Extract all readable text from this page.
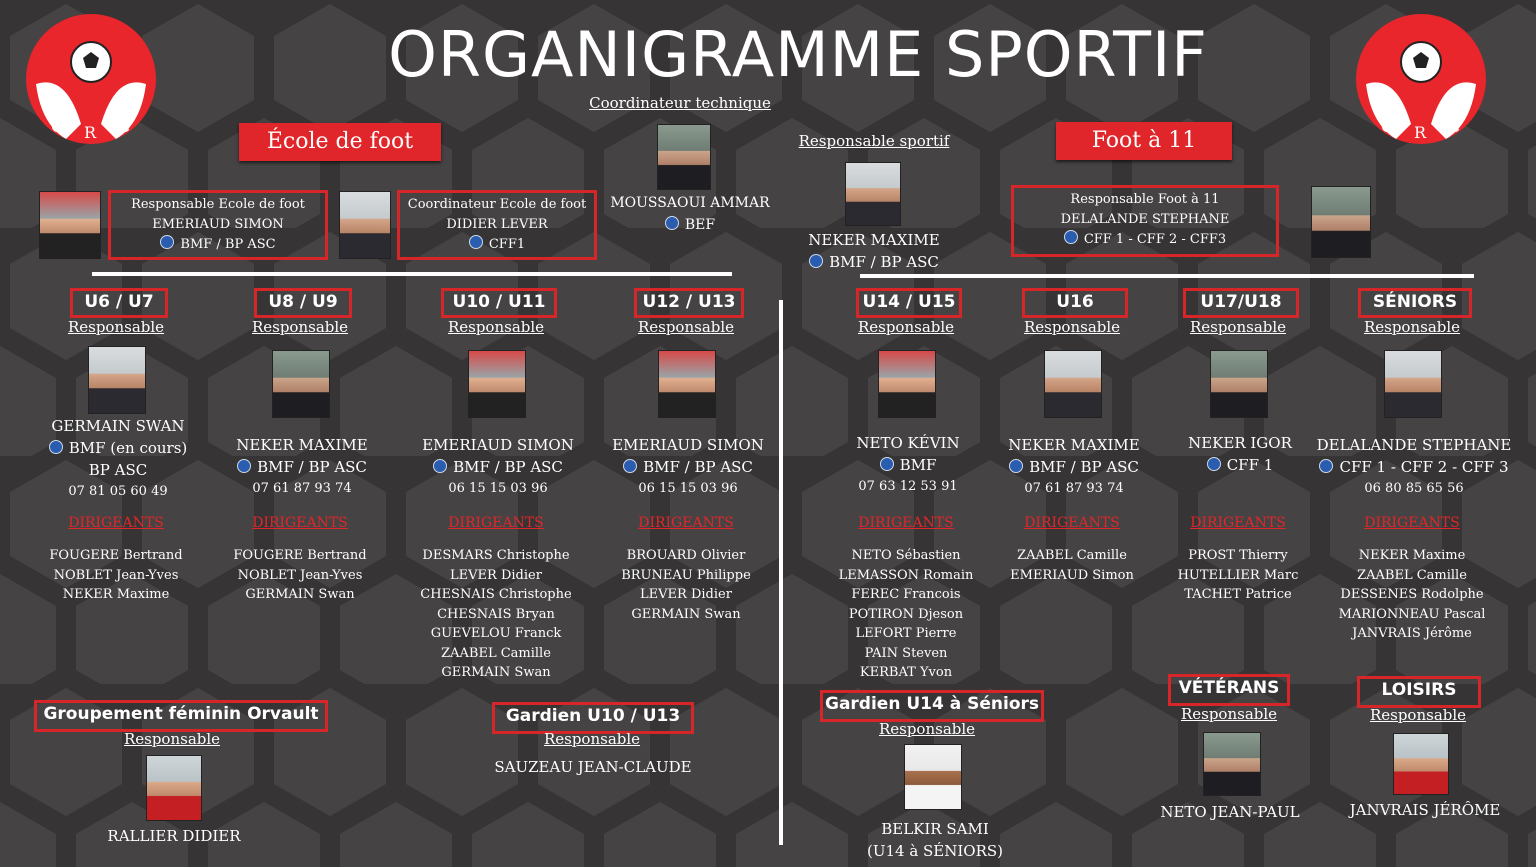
O R C	O R C
ORGANIGRAMME SPORTIF
Coordinateur technique
MOUSSAOUI AMMAR
BEF
Responsable sportif
NEKER MAXIME
BMF / BP ASC
École de foot
Responsable Ecole de foot
EMERIAUD SIMON
BMF / BP ASC
Coordinateur Ecole de foot
DIDIER LEVER
CFF1
Foot à 11
Responsable Foot à 11
DELALANDE STEPHANE
CFF 1 - CFF 2 - CFF3
U6 / U7
Responsable
GERMAIN SWAN
BMF (en cours)
BP ASC
07 81 05 60 49
DIRIGEANTS
FOUGERE Bertrand
NOBLET Jean-Yves
NEKER Maxime
U8 / U9
Responsable
NEKER MAXIME
BMF / BP ASC
07 61 87 93 74
DIRIGEANTS
FOUGERE Bertrand
NOBLET Jean-Yves
GERMAIN Swan
U10 / U11
Responsable
EMERIAUD SIMON
BMF / BP ASC
06 15 15 03 96
DIRIGEANTS
DESMARS Christophe
LEVER Didier
CHESNAIS Christophe
CHESNAIS Bryan
GUEVELOU Franck
ZAABEL Camille
GERMAIN Swan
U12 / U13
Responsable
EMERIAUD SIMON
BMF / BP ASC
06 15 15 03 96
DIRIGEANTS
BROUARD Olivier
BRUNEAU Philippe
LEVER Didier
GERMAIN Swan
U14 / U15
Responsable
NETO KÉVIN
BMF
07 63 12 53 91
DIRIGEANTS
NETO Sébastien
LEMASSON Romain
FEREC Francois
POTIRON Djeson
LEFORT Pierre
PAIN Steven
KERBAT Yvon
U16
Responsable
NEKER MAXIME
BMF / BP ASC
07 61 87 93 74
DIRIGEANTS
ZAABEL Camille
EMERIAUD Simon
U17/U18
Responsable
NEKER IGOR
CFF 1
DIRIGEANTS
PROST Thierry
HUTELLIER Marc
TACHET Patrice
SÉNIORS
Responsable
DELALANDE STEPHANE
CFF 1 - CFF 2 - CFF 3
06 80 85 65 56
DIRIGEANTS
NEKER Maxime
ZAABEL Camille
DESSENES Rodolphe
MARIONNEAU Pascal
JANVRAIS Jérôme
Groupement féminin Orvault
Responsable
RALLIER DIDIER
Gardien U10 / U13
Responsable
SAUZEAU JEAN-CLAUDE
Gardien U14 à Séniors
Responsable
BELKIR SAMI
(U14 à SÉNIORS)
VÉTÉRANS
Responsable
NETO JEAN-PAUL
LOISIRS
Responsable
JANVRAIS JÉRÔME
